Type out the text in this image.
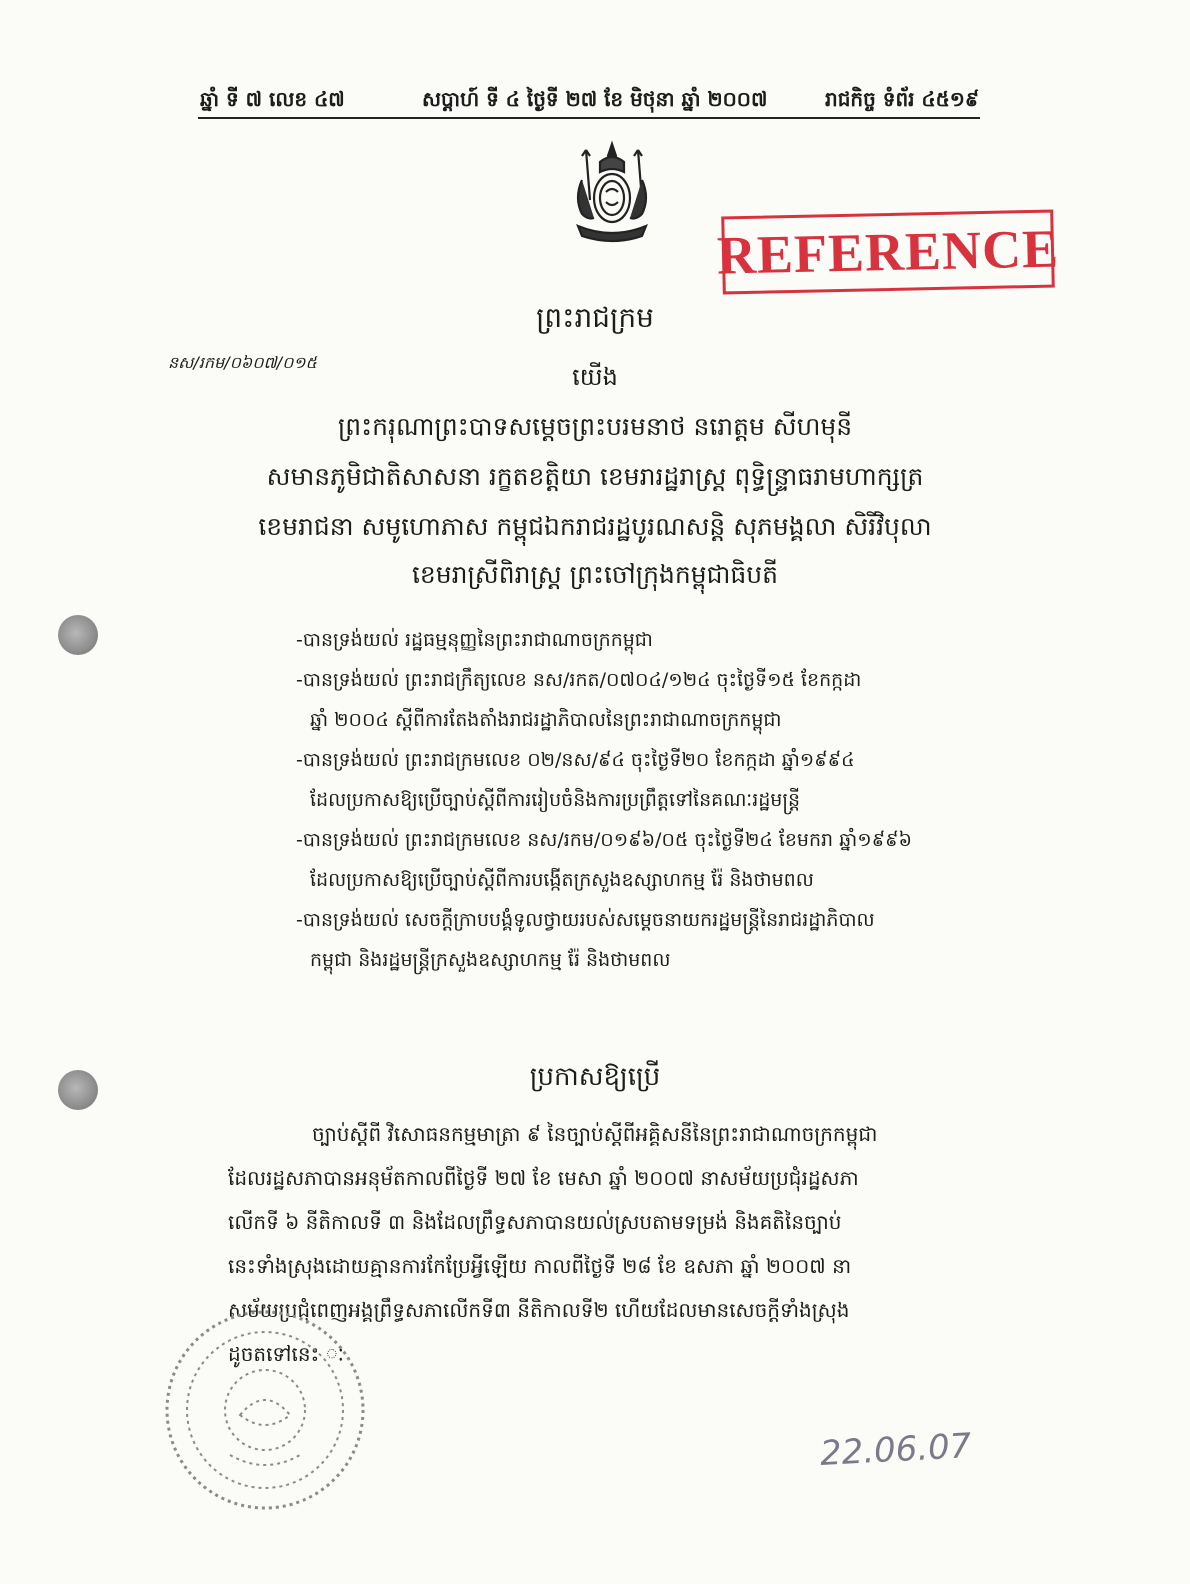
ឆ្នាំ ទី ៧ លេខ ៤៧	សប្តាហ៍ ទី ៤ ថ្ងៃទី ២៧ ខែ មិថុនា ឆ្នាំ ២០០៧	រាជកិច្ច ទំព័រ ៤៥១៩
REFERENCE
ព្រះរាជក្រម
នស/រកម/០៦០៧/០១៥
យើង
ព្រះករុណាព្រះបាទសម្តេចព្រះបរមនាថ នរោត្តម សីហមុនី
សមានភូមិជាតិសាសនា រក្ខតខត្តិយា ខេមរារដ្ឋរាស្ត្រ ពុទ្ធិន្ទ្រាធរាមហាក្សត្រ
ខេមរាជនា សមូហោភាស កម្ពុជឯករាជរដ្ឋបូរណសន្តិ សុភមង្គលា សិរីវិបុលា
ខេមរាស្រីពិរាស្ត្រ ព្រះចៅក្រុងកម្ពុជាធិបតី
-បានទ្រង់យល់ រដ្ឋធម្មនុញ្ញនៃព្រះរាជាណាចក្រកម្ពុជា
-បានទ្រង់យល់ ព្រះរាជក្រឹត្យលេខ នស/រកត/០៧០៤/១២៤ ចុះថ្ងៃទី១៥ ខែកក្កដា
ឆ្នាំ ២០០៤ ស្តីពីការតែងតាំងរាជរដ្ឋាភិបាលនៃព្រះរាជាណាចក្រកម្ពុជា
-បានទ្រង់យល់ ព្រះរាជក្រមលេខ ០២/នស/៩៤ ចុះថ្ងៃទី២០ ខែកក្កដា ឆ្នាំ១៩៩៤
ដែលប្រកាសឱ្យប្រើច្បាប់ស្តីពីការរៀបចំនិងការប្រព្រឹត្តទៅនៃគណៈរដ្ឋមន្ត្រី
-បានទ្រង់យល់ ព្រះរាជក្រមលេខ នស/រកម/០១៩៦/០៥ ចុះថ្ងៃទី២៤ ខែមករា ឆ្នាំ១៩៩៦
ដែលប្រកាសឱ្យប្រើច្បាប់ស្តីពីការបង្កើតក្រសួងឧស្សាហកម្ម រ៉ែ និងថាមពល
-បានទ្រង់យល់ សេចក្តីក្រាបបង្គំទូលថ្វាយរបស់សម្តេចនាយករដ្ឋមន្ត្រីនៃរាជរដ្ឋាភិបាល
កម្ពុជា និងរដ្ឋមន្ត្រីក្រសួងឧស្សាហកម្ម រ៉ែ និងថាមពល
ប្រកាសឱ្យប្រើ
ច្បាប់ស្តីពី វិសោធនកម្មមាត្រា ៩ នៃច្បាប់ស្តីពីអគ្គិសនីនៃព្រះរាជាណាចក្រកម្ពុជា
ដែលរដ្ឋសភាបានអនុម័តកាលពីថ្ងៃទី ២៧ ខែ មេសា ឆ្នាំ ២០០៧ នាសម័យប្រជុំរដ្ឋសភា
លើកទី ៦ នីតិកាលទី ៣ និងដែលព្រឹទ្ធសភាបានយល់ស្របតាមទម្រង់ និងគតិនៃច្បាប់
នេះទាំងស្រុងដោយគ្មានការកែប្រែអ្វីឡើយ កាលពីថ្ងៃទី ២៨ ខែ ឧសភា ឆ្នាំ ២០០៧ នា
សម័យប្រជុំពេញអង្គព្រឹទ្ធសភាលើកទី៣ នីតិកាលទី២ ហើយដែលមានសេចក្តីទាំងស្រុង
ដូចតទៅនេះ ៈ
22.06.07
